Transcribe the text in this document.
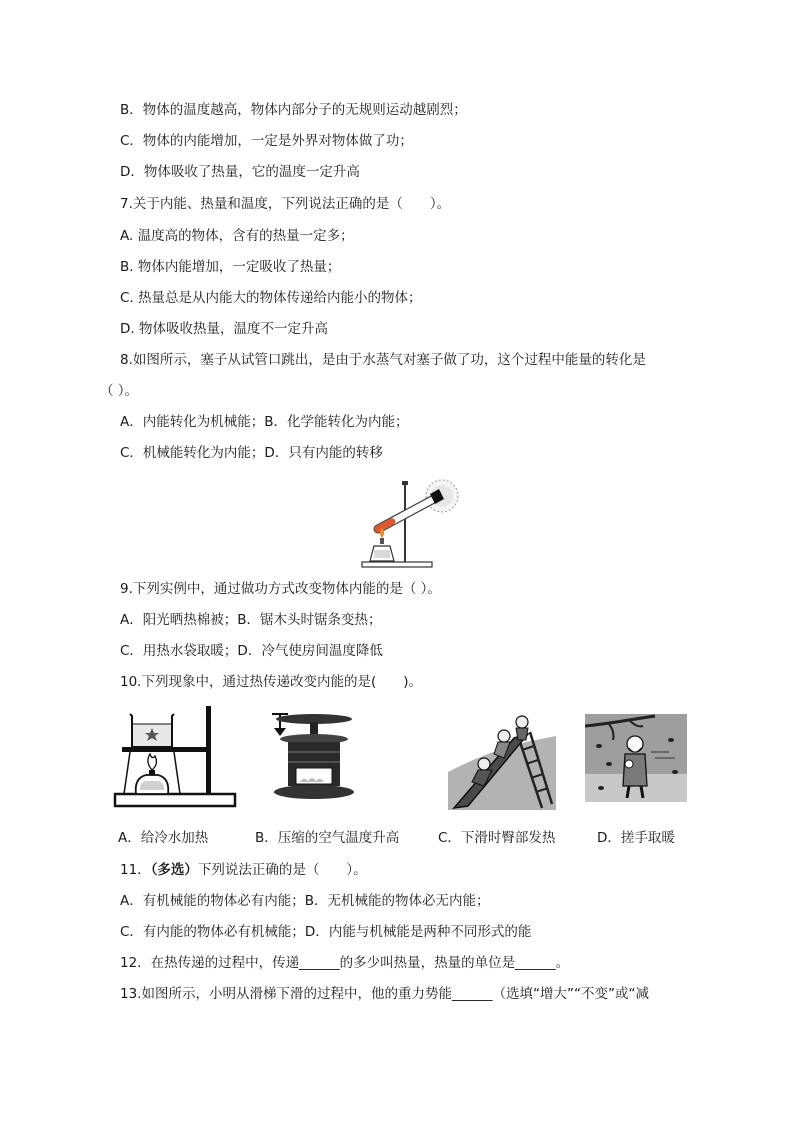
B．物体的温度越高，物体内部分子的无规则运动越剧烈；
C．物体的内能增加，一定是外界对物体做了功；
D．物体吸收了热量，它的温度一定升高
7.关于内能、热量和温度，下列说法正确的是（　　）。
A. 温度高的物体，含有的热量一定多；
B. 物体内能增加，一定吸收了热量；
C. 热量总是从内能大的物体传递给内能小的物体；
D. 物体吸收热量，温度不一定升高
8.如图所示，塞子从试管口跳出，是由于水蒸气对塞子做了功，这个过程中能量的转化是
（ ）。
A．内能转化为机械能；B．化学能转化为内能；
C．机械能转化为内能；D．只有内能的转移
9.下列实例中，通过做功方式改变物体内能的是（ ）。
A．阳光晒热棉被；B．锯木头时锯条变热；
C．用热水袋取暖；D．冷气使房间温度降低
10.下列现象中，通过热传递改变内能的是(　　)。
A．给冷水加热	B．压缩的空气温度升高	C．下滑时臀部发热	D．搓手取暖
11．（多选）下列说法正确的是（　　）。
A．有机械能的物体必有内能；B．无机械能的物体必无内能；
C．有内能的物体必有机械能；D．内能与机械能是两种不同形式的能
12．在热传递的过程中，传递______的多少叫热量，热量的单位是______。
13.如图所示，小明从滑梯下滑的过程中，他的重力势能______（选填“增大”“不变”或“减
